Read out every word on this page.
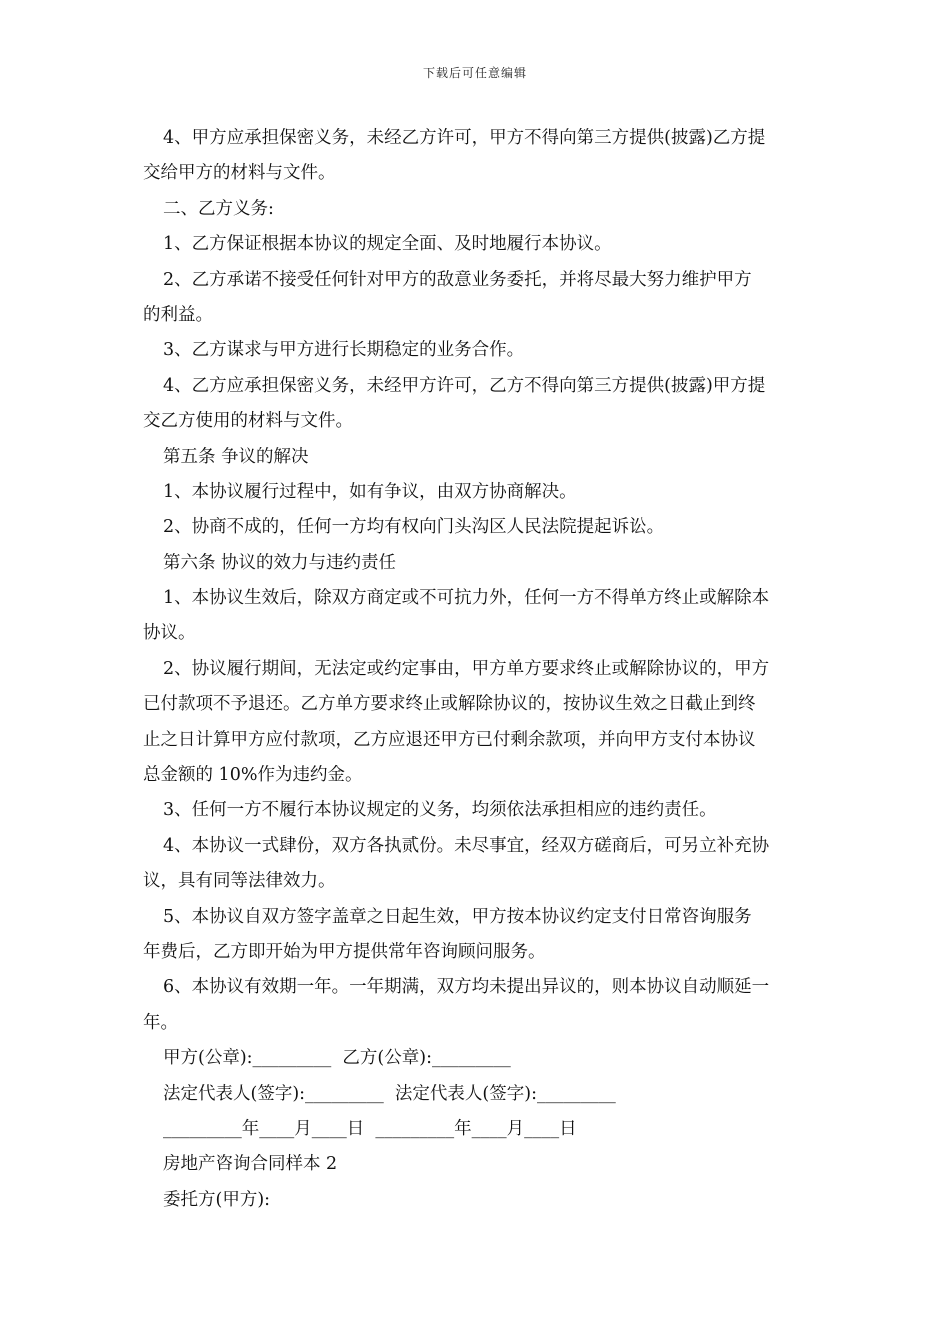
下载后可任意编辑
4、甲方应承担保密义务，未经乙方许可，甲方不得向第三方提供(披露)乙方提
交给甲方的材料与文件。
二、乙方义务:
1、乙方保证根据本协议的规定全面、及时地履行本协议。
2、乙方承诺不接受任何针对甲方的敌意业务委托，并将尽最大努力维护甲方
的利益。
3、乙方谋求与甲方进行长期稳定的业务合作。
4、乙方应承担保密义务，未经甲方许可，乙方不得向第三方提供(披露)甲方提
交乙方使用的材料与文件。
第五条 争议的解决
1、本协议履行过程中，如有争议，由双方协商解决。
2、协商不成的，任何一方均有权向门头沟区人民法院提起诉讼。
第六条 协议的效力与违约责任
1、本协议生效后，除双方商定或不可抗力外，任何一方不得单方终止或解除本
协议。
2、协议履行期间，无法定或约定事由，甲方单方要求终止或解除协议的，甲方
已付款项不予退还。乙方单方要求终止或解除协议的，按协议生效之日截止到终
止之日计算甲方应付款项，乙方应退还甲方已付剩余款项，并向甲方支付本协议
总金额的 10%作为违约金。
3、任何一方不履行本协议规定的义务，均须依法承担相应的违约责任。
4、本协议一式肆份，双方各执贰份。未尽事宜，经双方磋商后，可另立补充协
议，具有同等法律效力。
5、本协议自双方签字盖章之日起生效，甲方按本协议约定支付日常咨询服务
年费后，乙方即开始为甲方提供常年咨询顾问服务。
6、本协议有效期一年。一年期满，双方均未提出异议的，则本协议自动顺延一
年。
甲方(公章):_________  乙方(公章):_________
法定代表人(签字):_________  法定代表人(签字):_________
_________年____月____日  _________年____月____日
房地产咨询合同样本 2
委托方(甲方):
